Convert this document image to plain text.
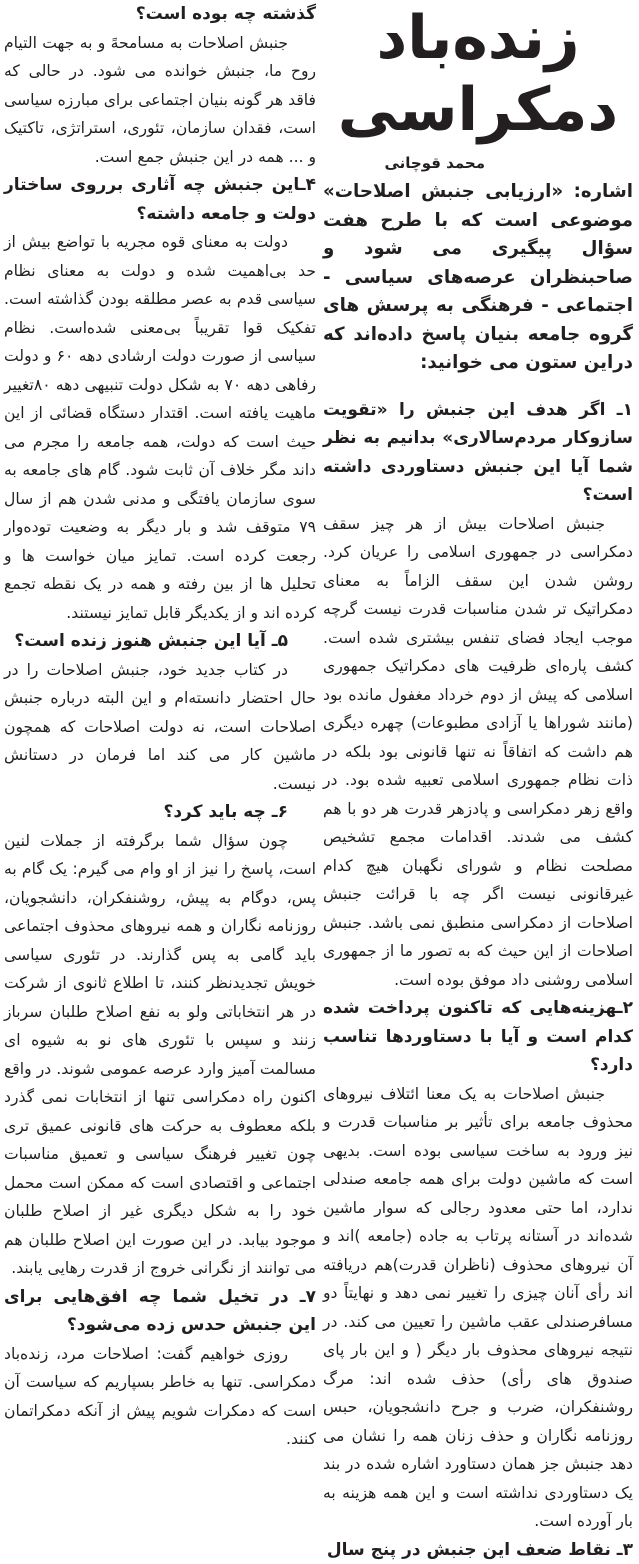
زنده‌باد
دمکراسی
محمد قوچانی

اشاره: «ارزیابی جنبش اصلاحات» موضوعی است که با طرح هفت سؤال پیگیری می شود و صاحبنظران عرصه‌های سیاسی - اجتماعی - فرهنگی به پرسش های گروه جامعه بنیان پاسخ داده‌اند که دراین ستون می خوانید:

۱ـ اگر هدف این جنبش را «تقویت سازوکار مردم‌سالاری» بدانیم به نظر شما آیا این جنبش دستاوردی داشته است؟

جنبش اصلاحات بیش از هر چیز سقف دمکراسی در جمهوری اسلامی را عریان کرد. روشن شدن این سقف الزاماً به معنای دمکراتیک تر شدن مناسبات قدرت نیست گرچه موجب ایجاد فضای تنفس بیشتری شده است. کشف پاره‌ای ظرفیت های دمکراتیک جمهوری اسلامی که پیش از دوم خرداد مغفول مانده بود (مانند شوراها یا آزادی مطبوعات) چهره دیگری هم داشت که اتفاقاً نه تنها قانونی بود بلکه در ذات نظام جمهوری اسلامی تعبیه شده بود. در واقع زهر دمکراسی و پادزهر قدرت هر دو با هم کشف می شدند. اقدامات مجمع تشخیص مصلحت نظام و شورای نگهبان هیچ کدام غیرقانونی نیست اگر چه با قرائت جنبش اصلاحات از دمکراسی منطبق نمی باشد. جنبش اصلاحات از این حیث که به تصور ما از جمهوری اسلامی روشنی داد موفق بوده است.

۲ـهزینه‌هایی که تاکنون پرداخت شده کدام است و آیا با دستاوردها تناسب دارد؟

جنبش اصلاحات به یک معنا ائتلاف نیروهای محذوف جامعه برای تأثیر بر مناسبات قدرت و نیز ورود به ساخت سیاسی بوده است. بدیهی است که ماشین دولت برای همه جامعه صندلی ندارد، اما حتی معدود رجالی که سوار ماشین شده‌اند در آستانه پرتاب به جاده (جامعه )اند و آن نیروهای محذوف (ناظران قدرت)هم دریافته اند رأی آنان چیزی را تغییر نمی دهد و نهایتاً دو مسافرصندلی عقب ماشین را تعیین می کند. در نتیجه نیروهای محذوف بار دیگر ( و این بار پای صندوق های رأی) حذف شده اند: مرگ روشنفکران، ضرب و جرح دانشجویان، حبس روزنامه نگاران و حذف زنان همه را نشان می دهد جنبش جز همان دستاورد اشاره شده در بند یک دستاوردی نداشته است و این همه هزینه به بار آورده است.

۳ـ نقاط ضعف این جنبش در پنج سال

گذشته چه بوده است؟

جنبش اصلاحات به مسامحهً و به جهت التیام روح ما، جنبش خوانده می شود. در حالی که فاقد هر گونه بنیان اجتماعی برای مبارزه سیاسی است، فقدان سازمان، تئوری، استراتژی، تاکتیک و ... همه در این جنبش جمع است.

۴ـاین جنبش چه آثاری برروی ساختار دولت و جامعه داشته؟

دولت به معنای قوه مجریه با تواضع بیش از حد بی‌اهمیت شده و دولت به معنای نظام سیاسی قدم به عصر مطلقه بودن گذاشته است. تفکیک قوا تقریباً بی‌معنی شده‌است. نظام سیاسی از صورت دولت ارشادی دهه ۶۰ و دولت رفاهی دهه ۷۰ به شکل دولت تنبیهی دهه ۸۰تغییر ماهیت یافته است. اقتدار دستگاه قضائی از این حیث است که دولت، همه جامعه را مجرم می داند مگر خلاف آن ثابت شود. گام های جامعه به سوی سازمان یافتگی و مدنی شدن هم از سال ۷۹ متوقف شد و بار دیگر به وضعیت توده‌وار رجعت کرده است. تمایز میان خواست ها و تحلیل ها از بین رفته و همه در یک نقطه تجمع کرده اند و از یکدیگر قابل تمایز نیستند.

۵ـ آیا این جنبش هنوز زنده است؟

در کتاب جدید خود، جنبش اصلاحات را در حال احتضار دانسته‌ام و این البته درباره جنبش اصلاحات است، نه دولت اصلاحات که همچون ماشین کار می کند اما فرمان در دستانش نیست.

۶ـ چه باید کرد؟

چون سؤال شما برگرفته از جملات لنین است، پاسخ را نیز از او وام می گیرم: یک گام به پس، دوگام به پیش، روشنفکران، دانشجویان، روزنامه نگاران و همه نیروهای محذوف اجتماعی باید گامی به پس گذارند. در تئوری سیاسی خویش تجدیدنظر کنند، تا اطلاع ثانوی از شرکت در هر انتخاباتی ولو به نفع اصلاح طلبان سرباز زنند و سپس با تئوری های نو به شیوه ای مسالمت آمیز وارد عرصه عمومی شوند. در واقع اکنون راه دمکراسی تنها از انتخابات نمی گذرد بلکه معطوف به حرکت های قانونی عمیق تری چون تغییر فرهنگ سیاسی و تعمیق مناسبات اجتماعی و اقتصادی است که ممکن است محمل خود را به شکل دیگری غیر از اصلاح طلبان موجود بیابد. در این صورت این اصلاح طلبان هم می توانند از نگرانی خروج از قدرت رهایی یابند.

۷ـ در تخیل شما چه افق‌هایی برای این جنبش حدس زده می‌شود؟

روزی خواهیم گفت: اصلاحات مرد، زنده‌باد دمکراسی. تنها به خاطر بسپاریم که سیاست آن است که دمکرات شویم پیش از آنکه دمکراتمان کنند.
